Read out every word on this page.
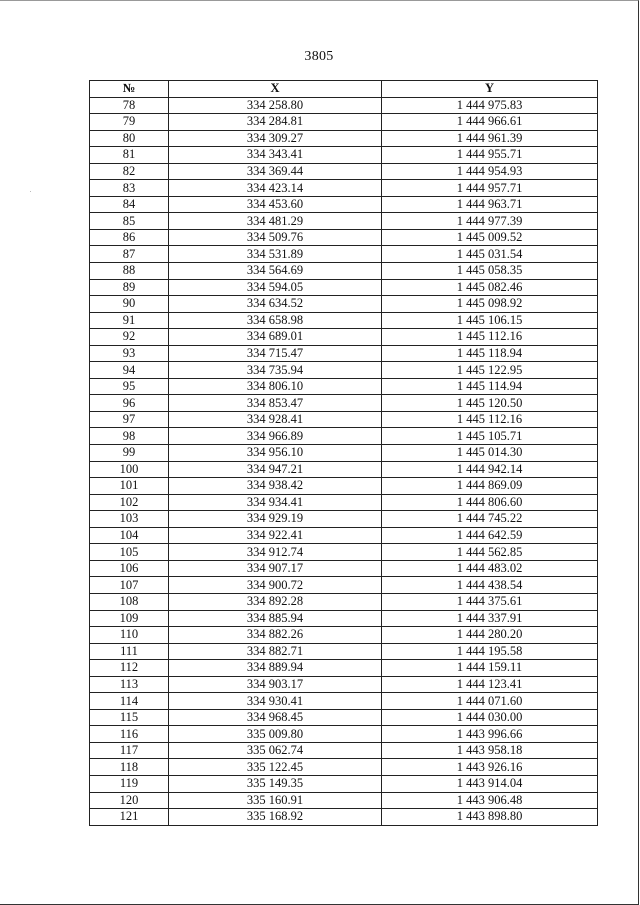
3805
№	X	Y
78	334 258.80	1 444 975.83
79	334 284.81	1 444 966.61
80	334 309.27	1 444 961.39
81	334 343.41	1 444 955.71
82	334 369.44	1 444 954.93
83	334 423.14	1 444 957.71
84	334 453.60	1 444 963.71
85	334 481.29	1 444 977.39
86	334 509.76	1 445 009.52
87	334 531.89	1 445 031.54
88	334 564.69	1 445 058.35
89	334 594.05	1 445 082.46
90	334 634.52	1 445 098.92
91	334 658.98	1 445 106.15
92	334 689.01	1 445 112.16
93	334 715.47	1 445 118.94
94	334 735.94	1 445 122.95
95	334 806.10	1 445 114.94
96	334 853.47	1 445 120.50
97	334 928.41	1 445 112.16
98	334 966.89	1 445 105.71
99	334 956.10	1 445 014.30
100	334 947.21	1 444 942.14
101	334 938.42	1 444 869.09
102	334 934.41	1 444 806.60
103	334 929.19	1 444 745.22
104	334 922.41	1 444 642.59
105	334 912.74	1 444 562.85
106	334 907.17	1 444 483.02
107	334 900.72	1 444 438.54
108	334 892.28	1 444 375.61
109	334 885.94	1 444 337.91
110	334 882.26	1 444 280.20
111	334 882.71	1 444 195.58
112	334 889.94	1 444 159.11
113	334 903.17	1 444 123.41
114	334 930.41	1 444 071.60
115	334 968.45	1 444 030.00
116	335 009.80	1 443 996.66
117	335 062.74	1 443 958.18
118	335 122.45	1 443 926.16
119	335 149.35	1 443 914.04
120	335 160.91	1 443 906.48
121	335 168.92	1 443 898.80
